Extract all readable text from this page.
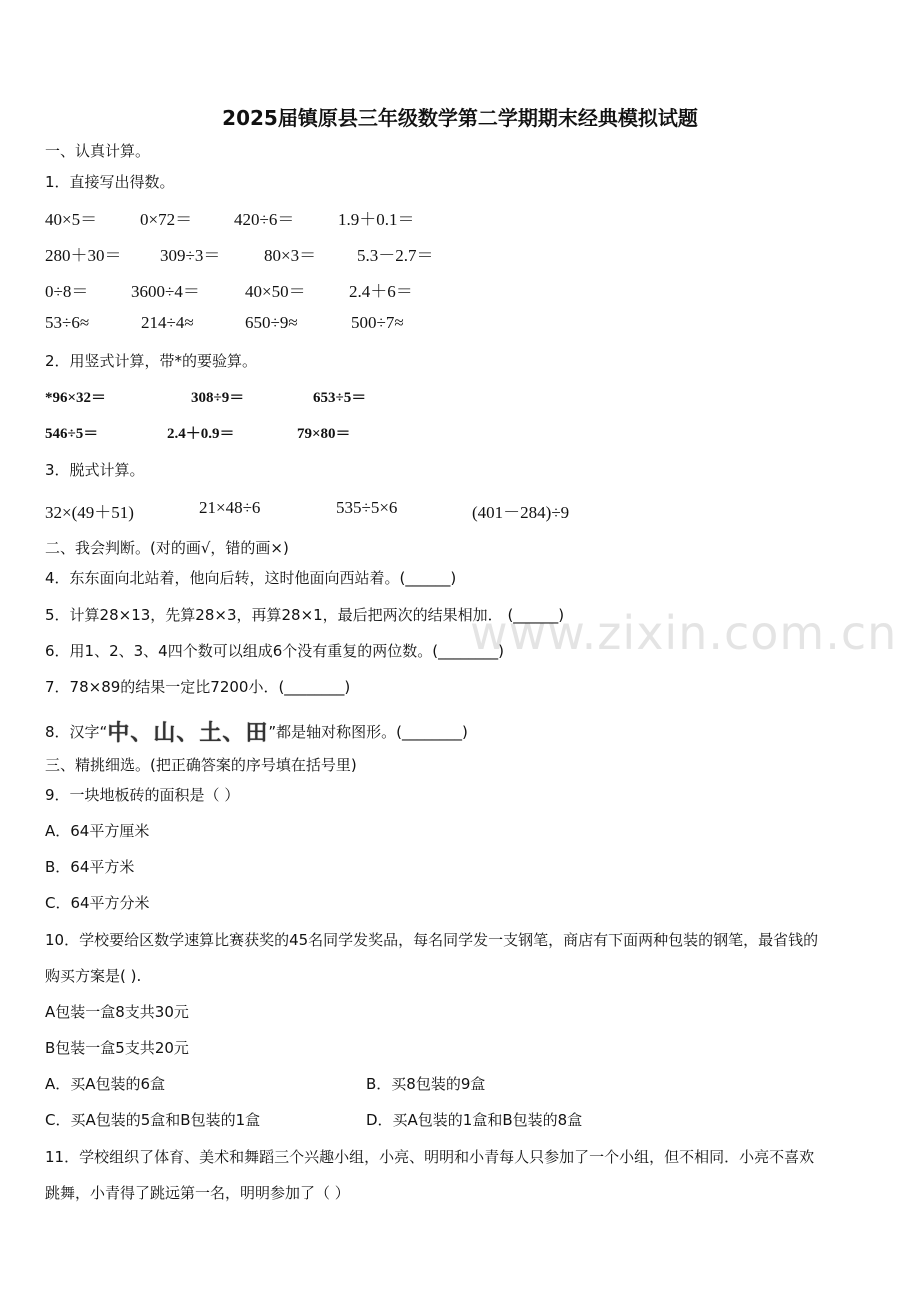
www.zixin.com.cn
2025届镇原县三年级数学第二学期期末经典模拟试题
一、认真计算。
1．直接写出得数。
40×5＝	0×72＝ 420÷6＝	1.9＋0.1＝
280＋30＝ 309÷3＝	80×3＝ 5.3－2.7＝
0÷8＝	3600÷4＝	40×50＝	2.4＋6＝
53÷6≈	214÷4≈	650÷9≈	500÷7≈
2．用竖式计算，带*的要验算。
*96×32＝	308÷9＝	653÷5＝
546÷5＝	2.4＋0.9＝	79×80＝
3．脱式计算。
32×(49＋51)	21×48÷6	535÷5×6	(401－284)÷9
二、我会判断。(对的画√，错的画×)
4．东东面向北站着，他向后转，这时他面向西站着。(______)
5．计算28×13，先算28×3，再算28×1，最后把两次的结果相加． (______)
6．用1、2、3、4四个数可以组成6个没有重复的两位数。(________)
7．78×89的结果一定比7200小．(________)
8．汉字“中、山、土、田”都是轴对称图形。(________)
三、精挑细选。(把正确答案的序号填在括号里)
9．一块地板砖的面积是（ ）
A．64平方厘米
B．64平方米
C．64平方分米
10．学校要给区数学速算比赛获奖的45名同学发奖品，每名同学发一支钢笔，商店有下面两种包装的钢笔，最省钱的
购买方案是( ).
A包装一盒8支共30元
B包装一盒5支共20元
A．买A包装的6盒	B．买8包装的9盒
C．买A包装的5盒和B包装的1盒	D．买A包装的1盒和B包装的8盒
11．学校组织了体育、美术和舞蹈三个兴趣小组，小亮、明明和小青每人只参加了一个小组，但不相同．小亮不喜欢
跳舞，小青得了跳远第一名，明明参加了（ ）
